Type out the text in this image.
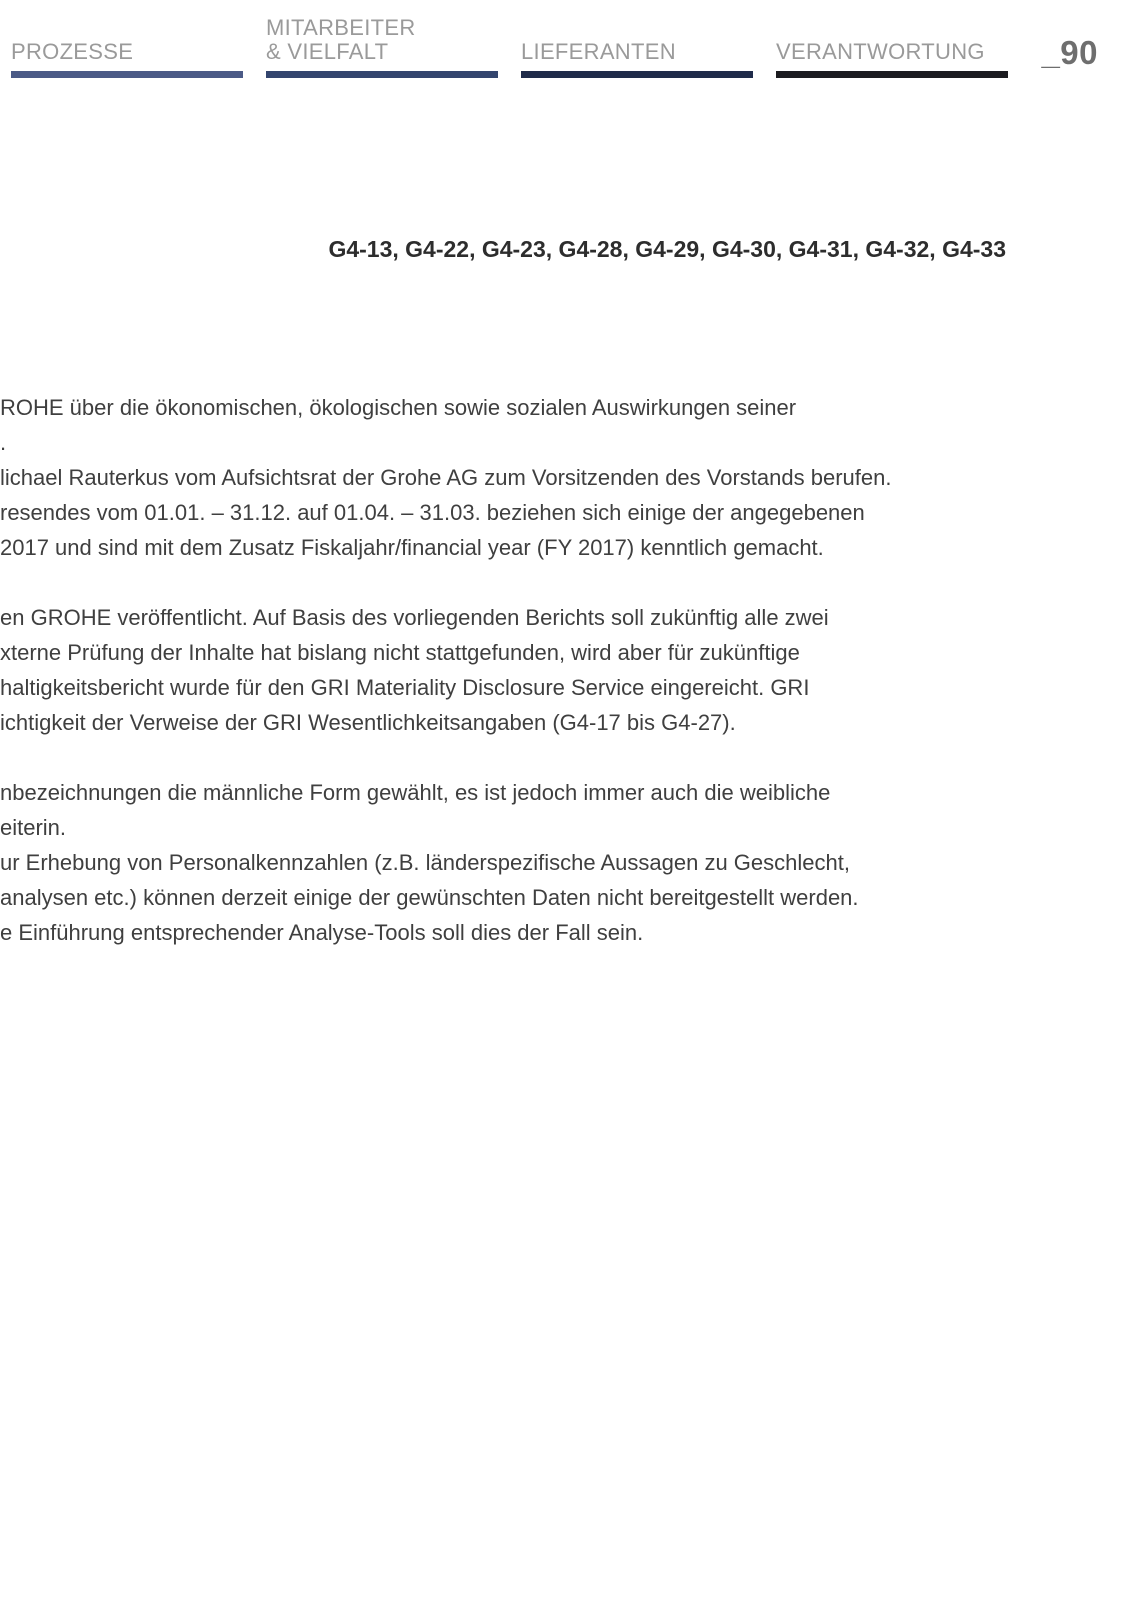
PROZESSE
MITARBEITER
& VIELFALT	LIEFERANTEN	VERANTWORTUNG _90
G4-13, G4-22, G4-23, G4-28, G4-29, G4-30, G4-31, G4-32, G4-33
ROHE über die ökonomischen, ökologischen sowie sozialen Auswirkungen seiner
.
lichael Rauterkus vom Aufsichtsrat der Grohe AG zum Vorsitzenden des Vorstands berufen.
resendes vom 01.01. – 31.12. auf 01.04. – 31.03. beziehen sich einige der angegebenen
2017 und sind mit dem Zusatz Fiskaljahr/financial year (FY 2017) kenntlich gemacht.
en GROHE veröffentlicht. Auf Basis des vorliegenden Berichts soll zukünftig alle zwei
xterne Prüfung der Inhalte hat bislang nicht stattgefunden, wird aber für zukünftige
haltigkeitsbericht wurde für den GRI Materiality Disclosure Service eingereicht. GRI
ichtigkeit der Verweise der GRI Wesentlichkeitsangaben (G4-17 bis G4-27).
nbezeichnungen die männliche Form gewählt, es ist jedoch immer auch die weibliche
eiterin.
ur Erhebung von Personalkennzahlen (z.B. länderspezifische Aussagen zu Geschlecht,
analysen etc.) können derzeit einige der gewünschten Daten nicht bereitgestellt werden.
e Einführung entsprechender Analyse-Tools soll dies der Fall sein.
